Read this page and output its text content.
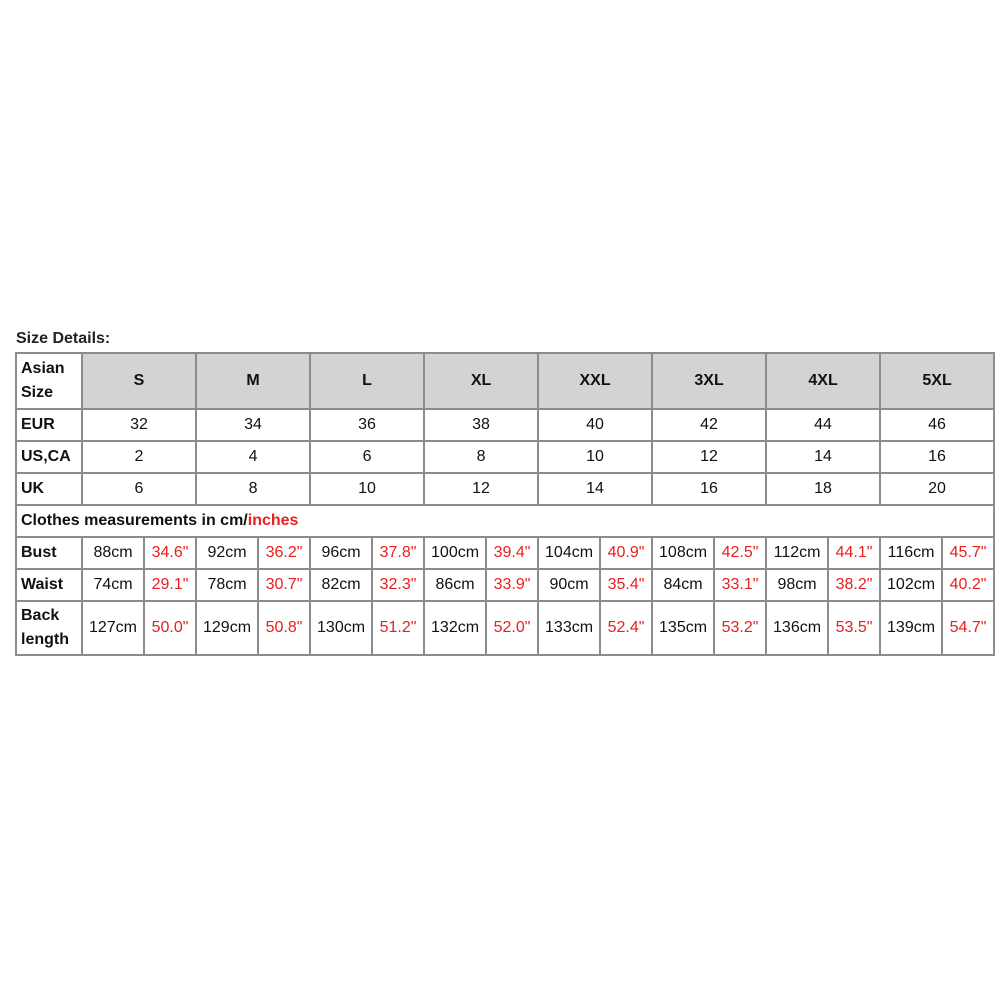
Size Details:
Asian Size	S		M		L		XL		XXL		3XL		4XL		5XL	
EUR	32		34		36		38		40		42		44		46	
US,CA	2		4		6		8		10		12		14		16	
UK	6		8		10		12		14		16		18		20	
Clothes measurements in cm/inches																
Bust	88cm	34.6"	92cm	36.2"	96cm	37.8"	100cm	39.4"	104cm	40.9"	108cm	42.5"	112cm	44.1"	116cm	45.7"
Waist	74cm	29.1"	78cm	30.7"	82cm	32.3"	86cm	33.9"	90cm	35.4"	84cm	33.1"	98cm	38.2"	102cm	40.2"
Back length	127cm	50.0"	129cm	50.8"	130cm	51.2"	132cm	52.0"	133cm	52.4"	135cm	53.2"	136cm	53.5"	139cm	54.7"
